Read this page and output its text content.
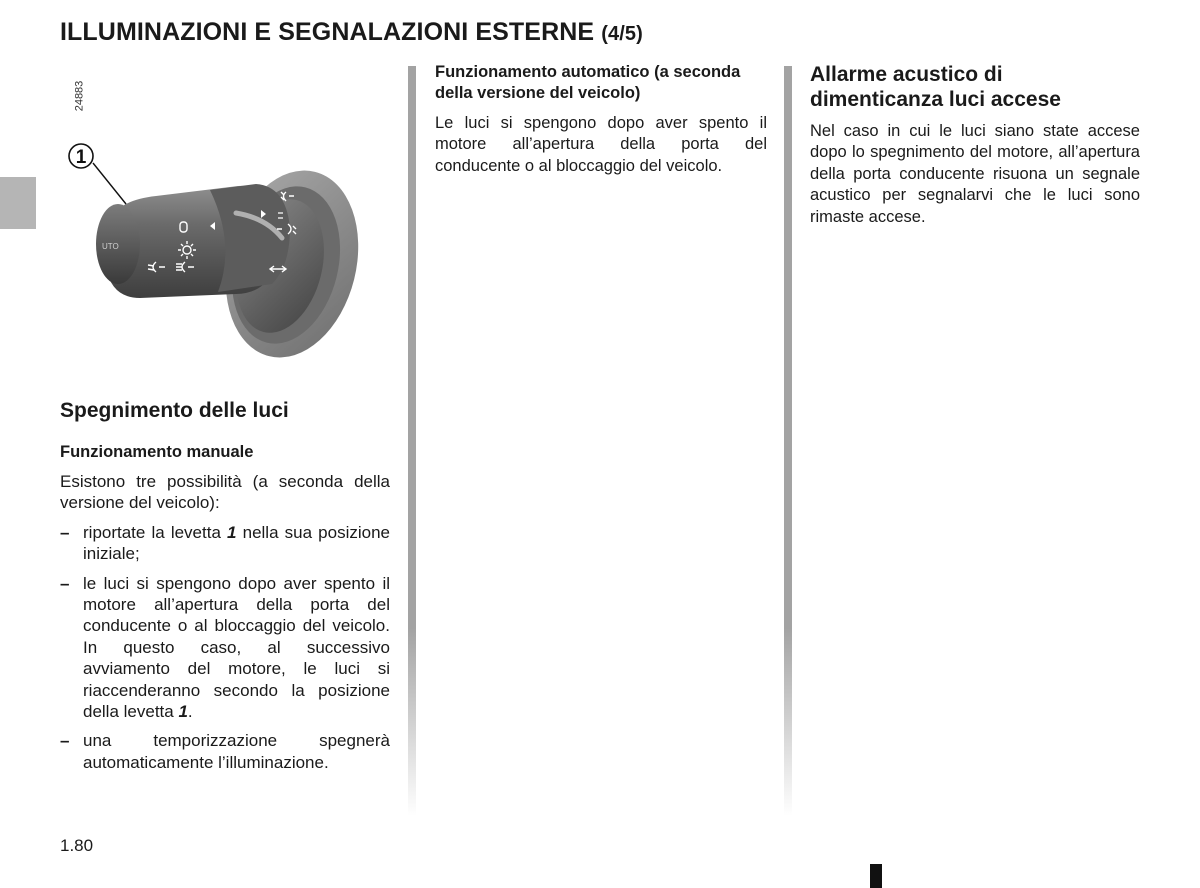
ILLUMINAZIONI E SEGNALAZIONI ESTERNE (4/5)
24883
UTO
1
Spegnimento delle luci
Funzionamento manuale

Esistono tre possibilità (a seconda della versione del veicolo):

– riportate la levetta 1 nella sua posizione iniziale;
– le luci si spengono dopo aver spento il motore all’apertura della porta del conducente o al bloccaggio del veicolo. In questo caso, al successivo avviamento del motore, le luci si riaccenderanno secondo la posizione della levetta 1.
– una temporizzazione spegnerà automaticamente l’illuminazione.
Funzionamento automatico (a seconda della versione del veicolo)

Le luci si spengono dopo aver spento il motore all’apertura della porta del conducente o al bloccaggio del veicolo.

Allarme acustico di dimenticanza luci accese

Nel caso in cui le luci siano state accese dopo lo spegnimento del motore, all’apertura della porta conducente risuona un segnale acustico per segnalarvi che le luci sono rimaste accese.

1.80
